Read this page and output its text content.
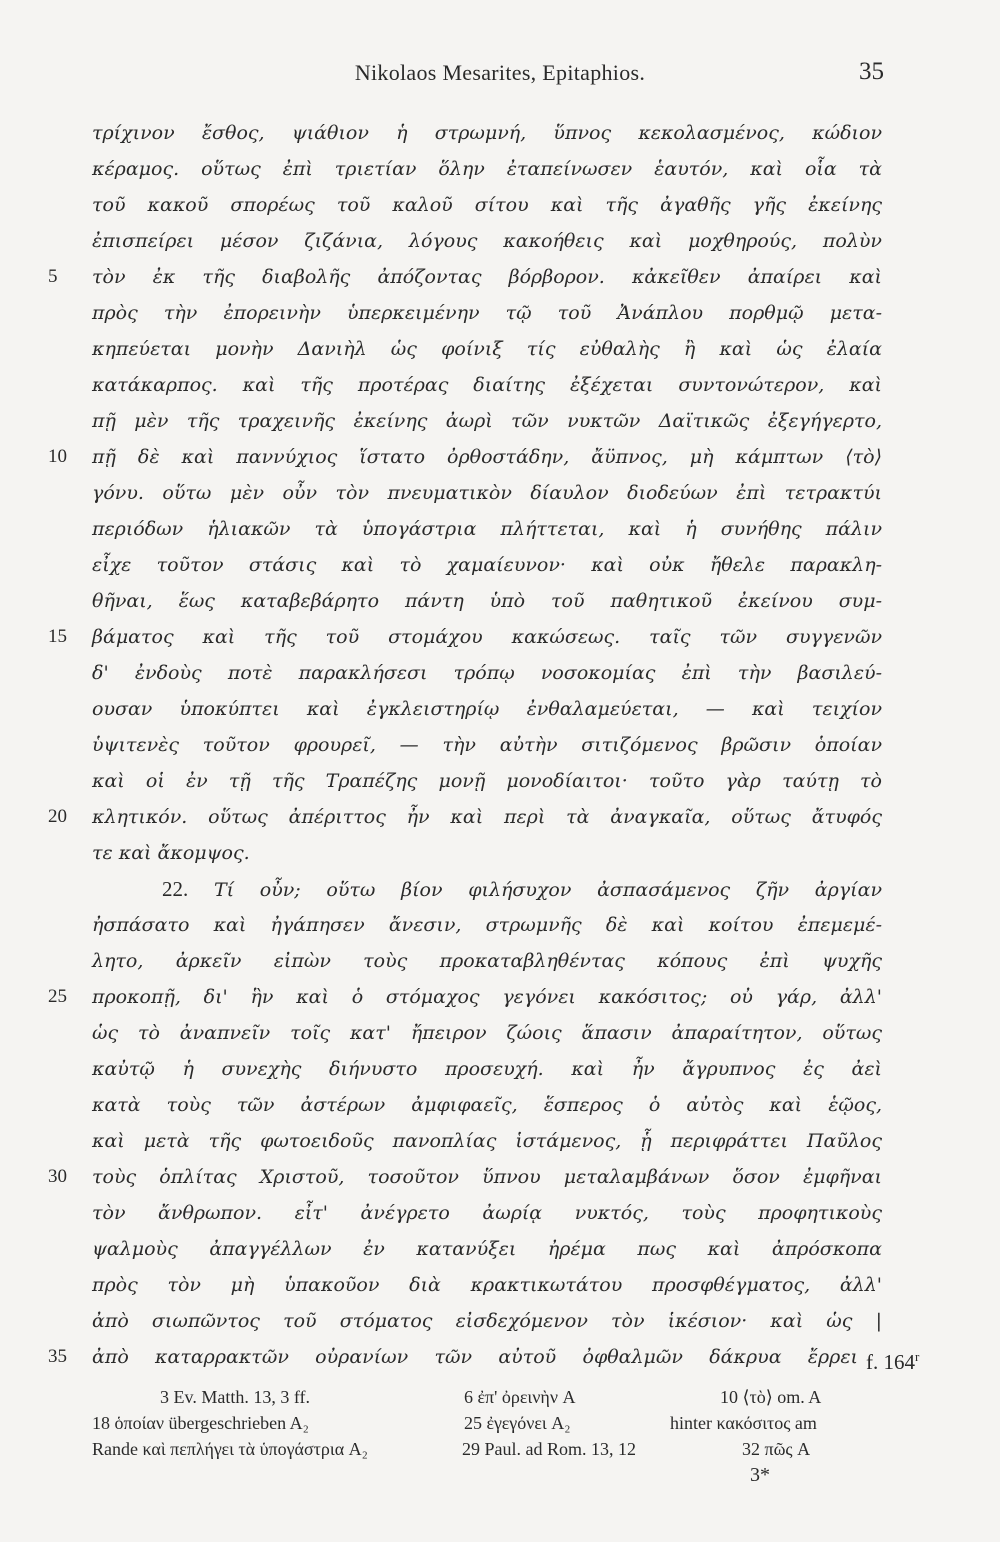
Nikolaos Mesarites, Epitaphios.	35
τρίχινον ἔσθος, ψιάθιον ἡ στρωμνή, ὕπνος κεκολασμένος, κώδιον
κέραμος. οὕτως ἐπὶ τριετίαν ὅλην ἐταπείνωσεν ἑαυτόν, καὶ οἷα τὰ
τοῦ κακοῦ σπορέως τοῦ καλοῦ σίτου καὶ τῆς ἀγαθῆς γῆς ἐκείνης
ἐπισπείρει μέσον ζιζάνια, λόγους κακοήθεις καὶ μοχθηρούς, πολὺν
τὸν ἐκ τῆς διαβολῆς ἀπόζοντας βόρβορον. κἀκεῖθεν ἀπαίρει καὶ
πρὸς τὴν ἐπορεινὴν ὑπερκειμένην τῷ τοῦ Ἀνάπλου πορθμῷ μετα-
κηπεύεται μονὴν Δανιὴλ ὡς φοίνιξ τίς εὐθαλὴς ἢ καὶ ὡς ἐλαία
κατάκαρπος. καὶ τῆς προτέρας διαίτης ἐξέχεται συντονώτερον, καὶ
πῇ μὲν τῆς τραχεινῆς ἐκείνης ἀωρὶ τῶν νυκτῶν Δαϊτικῶς ἐξεγήγερτο,
πῇ δὲ καὶ παννύχιος ἵστατο ὀρθοστάδην, ἄϋπνος, μὴ κάμπτων ⟨τὸ⟩
γόνυ. οὕτω μὲν οὖν τὸν πνευματικὸν δίαυλον διοδεύων ἐπὶ τετρακτύι
περιόδων ἡλιακῶν τὰ ὑπογάστρια πλήττεται, καὶ ἡ συνήθης πάλιν
εἶχε τοῦτον στάσις καὶ τὸ χαμαίευνον· καὶ οὐκ ἤθελε παρακλη-
θῆναι, ἕως καταβεβάρητο πάντη ὑπὸ τοῦ παθητικοῦ ἐκείνου συμ-
βάματος καὶ τῆς τοῦ στομάχου κακώσεως. ταῖς τῶν συγγενῶν
δ' ἐνδοὺς ποτὲ παρακλήσεσι τρόπῳ νοσοκομίας ἐπὶ τὴν βασιλεύ-
ουσαν ὑποκύπτει καὶ ἐγκλειστηρίῳ ἐνθαλαμεύεται, — καὶ τειχίον
ὑψιτενὲς τοῦτον φρουρεῖ, — τὴν αὐτὴν σιτιζόμενος βρῶσιν ὁποίαν
καὶ οἱ ἐν τῇ τῆς Τραπέζης μονῇ μονοδίαιτοι· τοῦτο γὰρ ταύτῃ τὸ
κλητικόν. οὕτως ἀπέριττος ἦν καὶ περὶ τὰ ἀναγκαῖα, οὕτως ἄτυφός
τε καὶ ἄκομψος.
22. Τί οὖν; οὕτω βίον φιλήσυχον ἀσπασάμενος ζῆν ἀργίαν
ἠσπάσατο καὶ ἠγάπησεν ἄνεσιν, στρωμνῆς δὲ καὶ κοίτου ἐπεμεμέ-
λητο, ἀρκεῖν εἰπὼν τοὺς προκαταβληθέντας κόπους ἐπὶ ψυχῆς
προκοπῇ, δι' ἣν καὶ ὁ στόμαχος γεγόνει κακόσιτος; οὐ γάρ, ἀλλ'
ὡς τὸ ἀναπνεῖν τοῖς κατ' ἤπειρον ζώοις ἅπασιν ἀπαραίτητον, οὕτως
καὐτῷ ἡ συνεχὴς διήνυστο προσευχή. καὶ ἦν ἄγρυπνος ἐς ἀεὶ
κατὰ τοὺς τῶν ἀστέρων ἀμφιφαεῖς, ἕσπερος ὁ αὐτὸς καὶ ἑῷος,
καὶ μετὰ τῆς φωτοειδοῦς πανοπλίας ἱστάμενος, ᾗ περιφράττει Παῦλος
τοὺς ὁπλίτας Χριστοῦ, τοσοῦτον ὕπνου μεταλαμβάνων ὅσον ἐμφῆναι
τὸν ἄνθρωπον. εἶτ' ἀνέγρετο ἀωρίᾳ νυκτός, τοὺς προφητικοὺς
ψαλμοὺς ἀπαγγέλλων ἐν κατανύξει ἠρέμα πως καὶ ἀπρόσκοπα
πρὸς τὸν μὴ ὑπακοῦον διὰ κρακτικωτάτου προσφθέγματος, ἀλλ'
ἀπὸ σιωπῶντος τοῦ στόματος εἰσδεχόμενον τὸν ἱκέσιον· καὶ ὡς |
ἀπὸ καταρρακτῶν οὐρανίων τῶν αὐτοῦ ὀφθαλμῶν δάκρυα ἔρρει
5
10
15
20
25
30
35	f. 164$^r$
3 Ev. Matth. 13, 3 ff.	6 ἐπ' ὀρεινὴν A	10 ⟨τὸ⟩ om. A
18 ὁποίαν übergeschrieben A₂	25 ἐγεγόνει A₂	hinter κακόσιτος am
Rande καὶ πεπλήγει τὰ ὑπογάστρια A₂	29 Paul. ad Rom. 13, 12	32 πῶς A
3*
